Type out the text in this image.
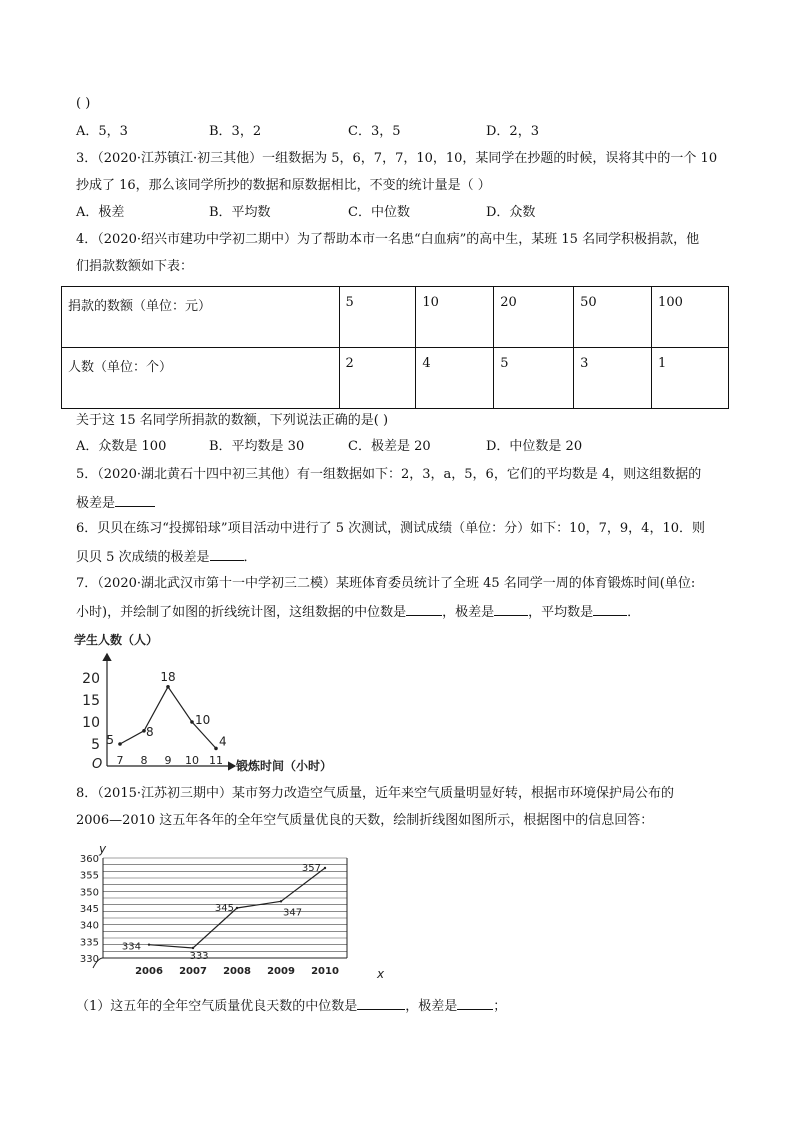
( )
A．5，3	B．3，2	C．3，5	D．2，3
3．（2020·江苏镇江·初三其他）一组数据为 5，6，7，7，10，10，某同学在抄题的时候，误将其中的一个 10
抄成了 16，那么该同学所抄的数据和原数据相比，不变的统计量是（ ）
A．极差	B．平均数	C．中位数	D．众数
4．（2020·绍兴市建功中学初二期中）为了帮助本市一名患“白血病”的高中生，某班 15 名同学积极捐款，他
们捐款数额如下表：
捐款的数额（单位：元）	5	10	20	50	100
人数（单位：个）	2	4	5	3	1
关于这 15 名同学所捐款的数额，下列说法正确的是( )
A．众数是 100	B．平均数是 30	C．极差是 20	D．中位数是 20
5．（2020·湖北黄石十四中初三其他）有一组数据如下：2，3，a，5，6，它们的平均数是 4，则这组数据的
极差是
6．贝贝在练习“投掷铅球”项目活动中进行了 5 次测试，测试成绩（单位：分）如下：10，7，9，4，10．则
贝贝 5 次成绩的极差是	．
7．（2020·湖北武汉市第十一中学初三二模）某班体育委员统计了全班 45 名同学一周的体育锻炼时间(单位:
小时)，并绘制了如图的折线统计图，这组数据的中位数是	，极差是	，平均数是	．
学生人数（人）
锻炼时间（小时）
O
5
10
15
20
7 8 9 10 11
5
8
18
10
4
8．（2015·江苏初三期中）某市努力改造空气质量，近年来空气质量明显好转，根据市环境保护局公布的
2006—2010 这五年各年的全年空气质量优良的天数，绘制折线图如图所示，根据图中的信息回答：
y
330
335
340
345
350
355
360
2006 2007 2008 2009 2010	x
334
333
345	347
357
（1）这五年的全年空气质量优良天数的中位数是	，极差是	；
